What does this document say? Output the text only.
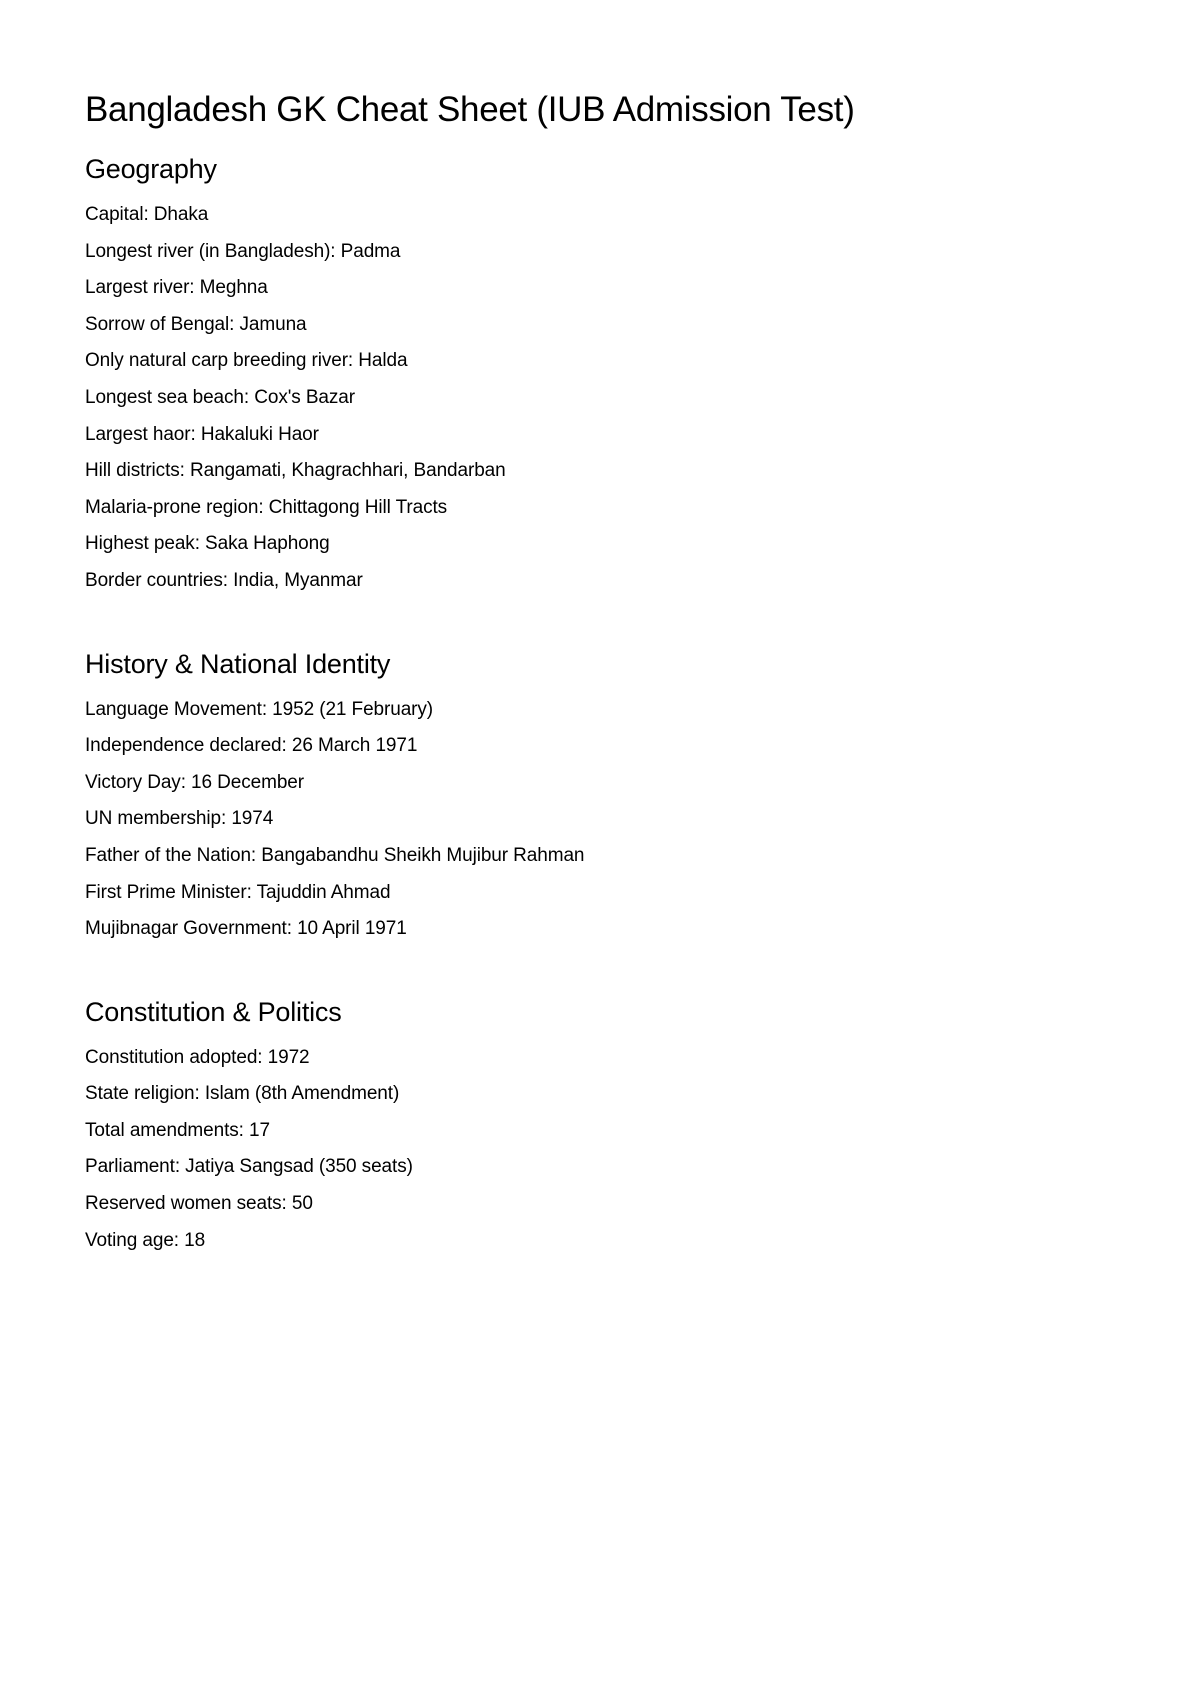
Bangladesh GK Cheat Sheet (IUB Admission Test)
Geography
Capital: Dhaka
Longest river (in Bangladesh): Padma
Largest river: Meghna
Sorrow of Bengal: Jamuna
Only natural carp breeding river: Halda
Longest sea beach: Cox's Bazar
Largest haor: Hakaluki Haor
Hill districts: Rangamati, Khagrachhari, Bandarban
Malaria-prone region: Chittagong Hill Tracts
Highest peak: Saka Haphong
Border countries: India, Myanmar
History & National Identity
Language Movement: 1952 (21 February)
Independence declared: 26 March 1971
Victory Day: 16 December
UN membership: 1974
Father of the Nation: Bangabandhu Sheikh Mujibur Rahman
First Prime Minister: Tajuddin Ahmad
Mujibnagar Government: 10 April 1971
Constitution & Politics
Constitution adopted: 1972
State religion: Islam (8th Amendment)
Total amendments: 17
Parliament: Jatiya Sangsad (350 seats)
Reserved women seats: 50
Voting age: 18
